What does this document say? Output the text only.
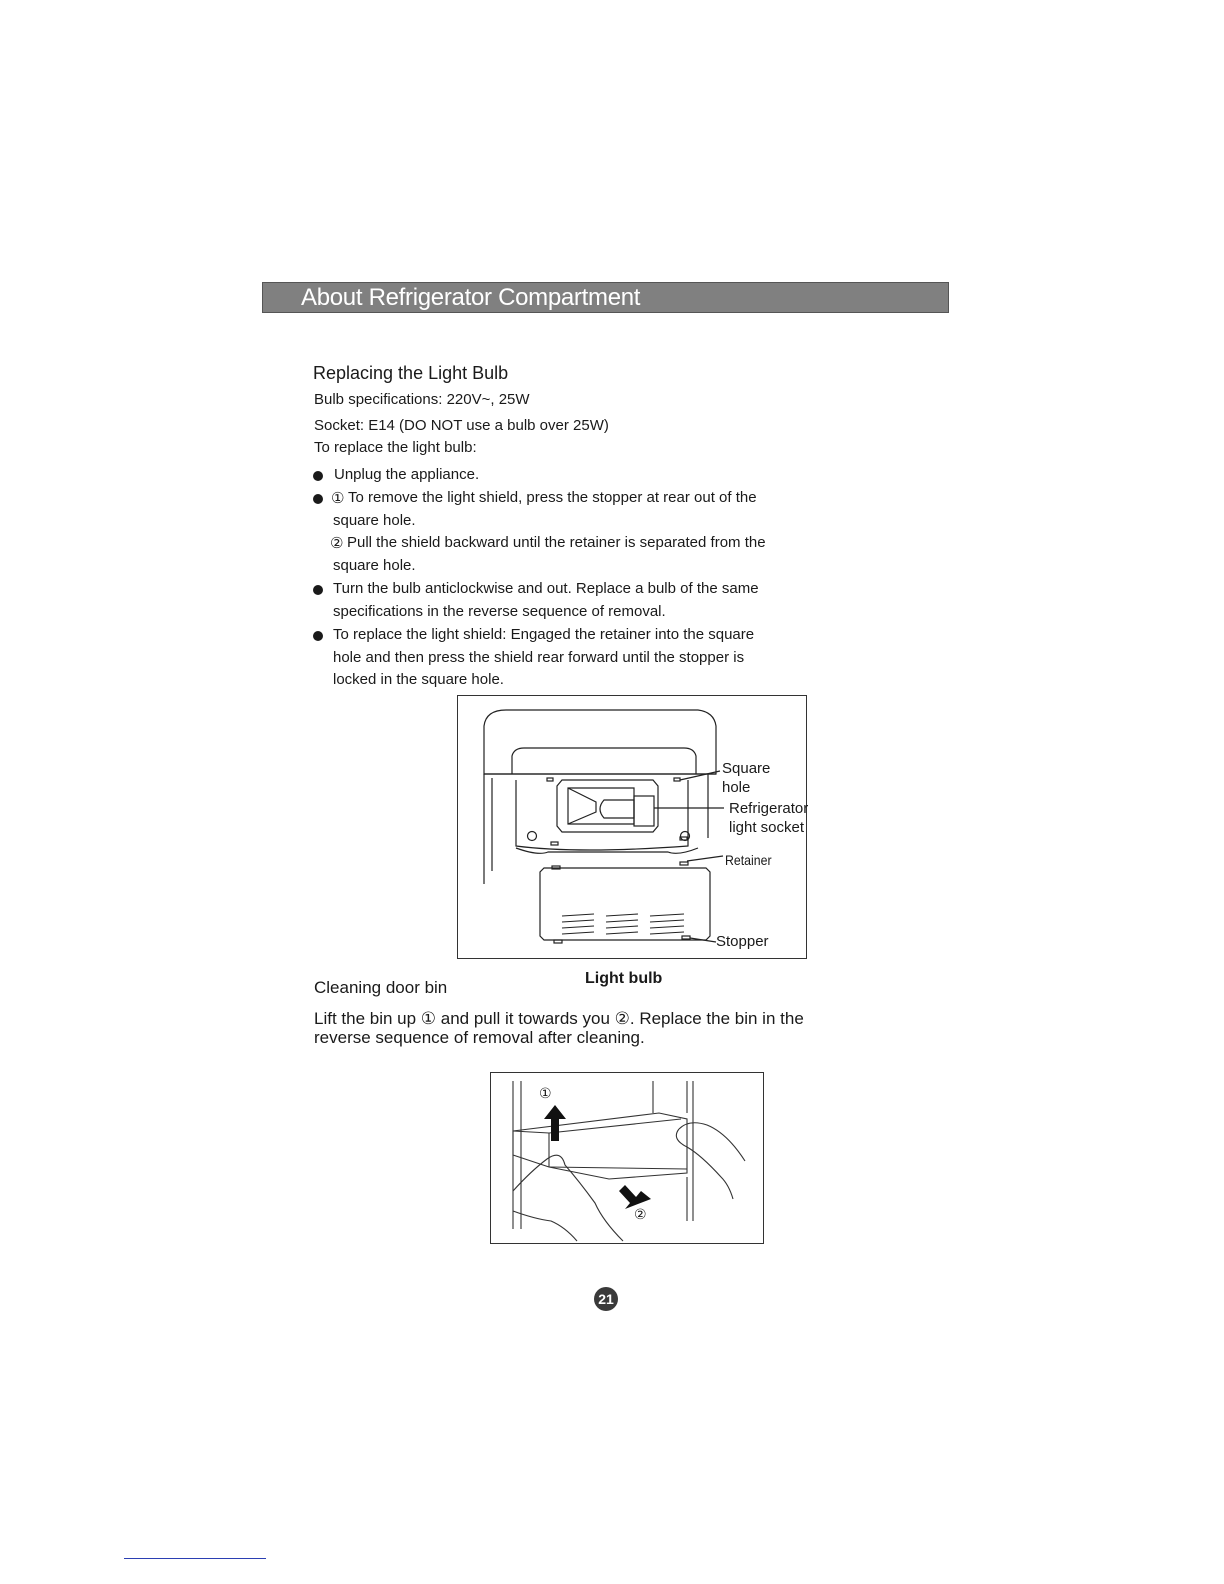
About Refrigerator Compartment
Replacing the Light Bulb
Bulb specifications: 220V~, 25W
Socket: E14 (DO NOT use a bulb over 25W)
To replace the light bulb:
Unplug the appliance.
① To remove the light shield, press the stopper at rear out of the
square hole.
② Pull the shield backward until the retainer is separated from the
square hole.
Turn the bulb anticlockwise and out. Replace a bulb of the same
specifications in the reverse sequence of removal.
To replace the light shield: Engaged the retainer into the square
hole and then press the shield rear forward until the stopper is
locked in the square hole.
Square
hole
Refrigerator
light socket
Retainer
Stopper
Light bulb
Cleaning door bin
Lift the bin up ① and pull it towards you ②. Replace the bin in the
reverse sequence of removal after cleaning.
①
②
21
